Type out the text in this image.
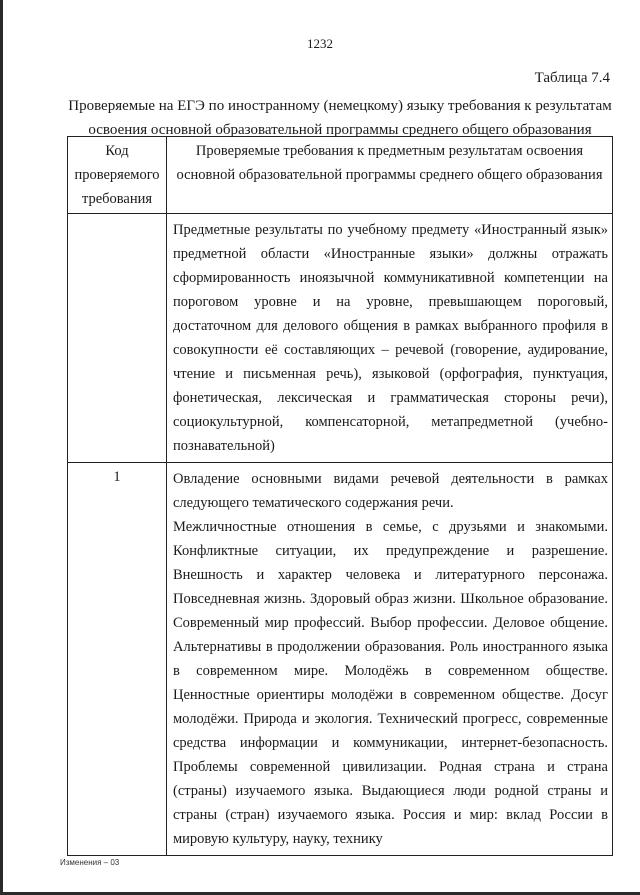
1232
Таблица 7.4
Проверяемые на ЕГЭ по иностранному (немецкому) языку требования к результатам освоения основной образовательной программы среднего общего образования
Код проверяемого требования	Проверяемые требования к предметным результатам освоения основной образовательной программы среднего общего образования

	Предметные результаты по учебному предмету «Иностранный язык» предметной области «Иностранные языки» должны отражать сформированность иноязычной коммуникативной компетенции на пороговом уровне и на уровне, превышающем пороговый, достаточном для делового общения в рамках выбранного профиля в совокупности её составляющих – речевой (говорение, аудирование, чтение и письменная речь), языковой (орфография, пунктуация, фонетическая, лексическая и грамматическая стороны речи), социокультурной, компенсаторной, метапредметной (учебно-познавательной)

1	Овладение основными видами речевой деятельности в рамках следующего тематического содержания речи.

Межличностные отношения в семье, с друзьями и знакомыми. Конфликтные ситуации, их предупреждение и разрешение. Внешность и характер человека и литературного персонажа. Повседневная жизнь. Здоровый образ жизни. Школьное образование. Современный мир профессий. Выбор профессии. Деловое общение. Альтернативы в продолжении образования. Роль иностранного языка в современном мире. Молодёжь в современном обществе. Ценностные ориентиры молодёжи в современном обществе. Досуг молодёжи. Природа и экология. Технический прогресс, современные средства информации и коммуникации, интернет-безопасность. Проблемы современной цивилизации. Родная страна и страна (страны) изучаемого языка. Выдающиеся люди родной страны и страны (стран) изучаемого языка. Россия и мир: вклад России в мировую культуру, науку, технику

Изменения – 03
